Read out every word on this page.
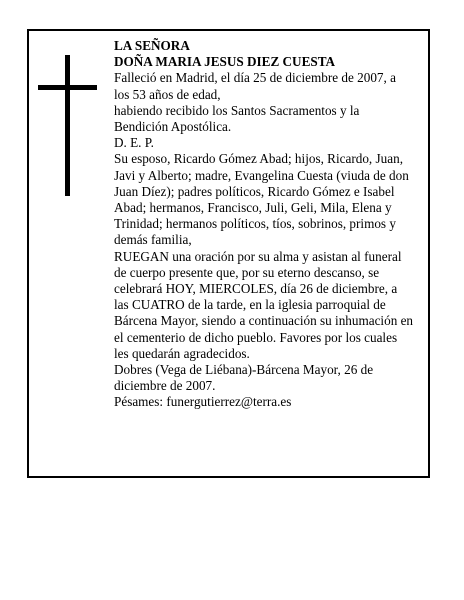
LA SEÑORA

DOÑA MARIA JESUS DIEZ CUESTA

Falleció en Madrid, el día 25 de diciembre de 2007, a los 53 años de edad,

habiendo recibido los Santos Sacramentos y la Bendición Apostólica.

D. E. P.

Su esposo, Ricardo Gómez Abad; hijos, Ricardo, Juan, Javi y Alberto; madre, Evangelina Cuesta (viuda de don Juan Díez); padres políticos, Ricardo Gómez e Isabel Abad; hermanos, Francisco, Juli, Geli, Mila, Elena y Trinidad; hermanos políticos, tíos, sobrinos, primos y demás familia,

RUEGAN una oración por su alma y asistan al funeral de cuerpo presente que, por su eterno descanso, se celebrará HOY, MIERCOLES, día 26 de diciembre, a las CUATRO de la tarde, en la iglesia parroquial de Bárcena Mayor, siendo a continuación su inhumación en el cementerio de dicho pueblo. Favores por los cuales les quedarán agradecidos.

Dobres (Vega de Liébana)-Bárcena Mayor, 26 de diciembre de 2007.

Pésames: funergutierrez@terra.es
